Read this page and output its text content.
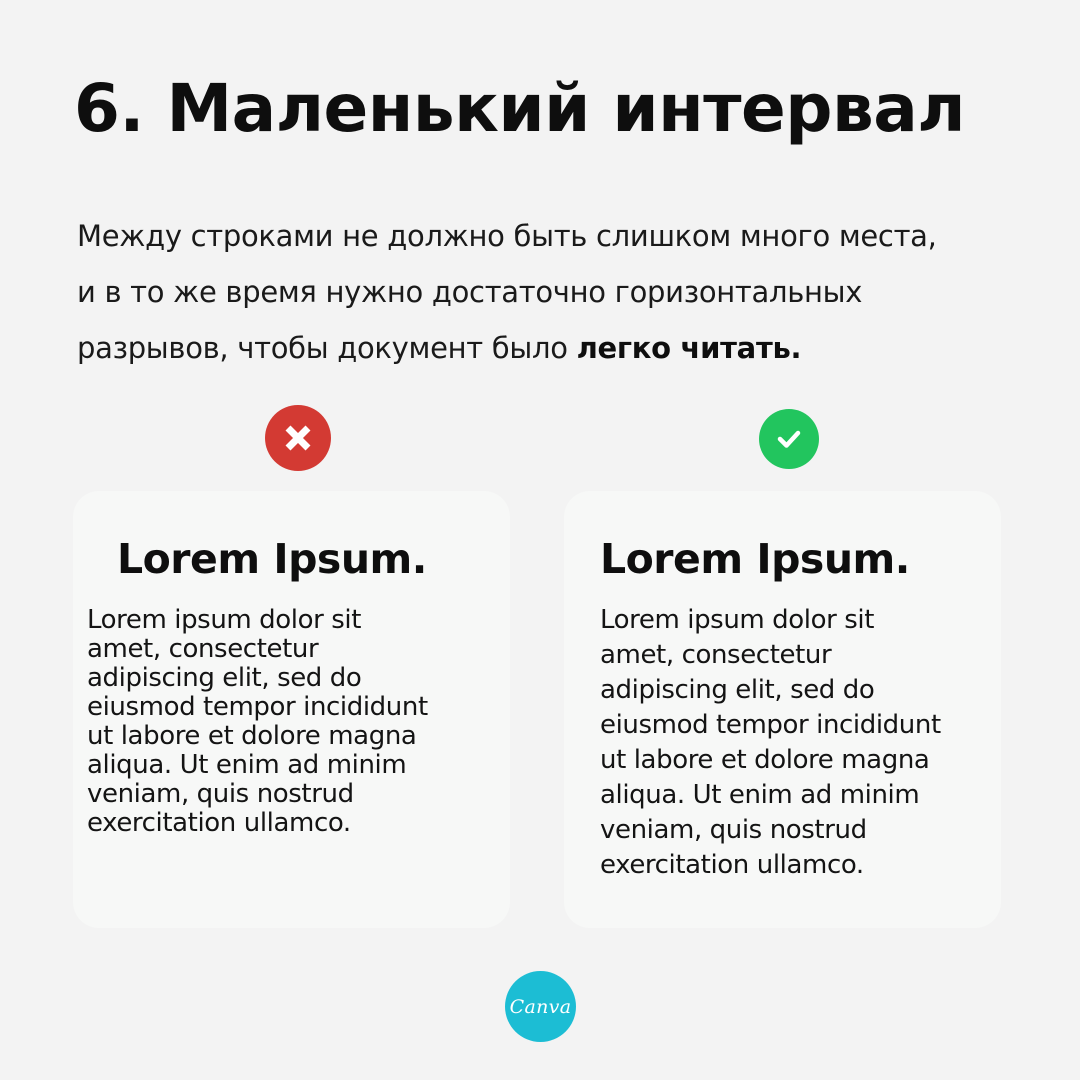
6. Маленький интервал
Между строками не должно быть слишком много места,
и в то же время нужно достаточно горизонтальных
разрывов, чтобы документ было легко читать.
Lorem Ipsum.
Lorem ipsum dolor sit
amet, consectetur
adipiscing elit, sed do
eiusmod tempor incididunt
ut labore et dolore magna
aliqua. Ut enim ad minim
veniam, quis nostrud
exercitation ullamco.
Lorem Ipsum.
Lorem ipsum dolor sit
amet, consectetur
adipiscing elit, sed do
eiusmod tempor incididunt
ut labore et dolore magna
aliqua. Ut enim ad minim
veniam, quis nostrud
exercitation ullamco.
Canva
